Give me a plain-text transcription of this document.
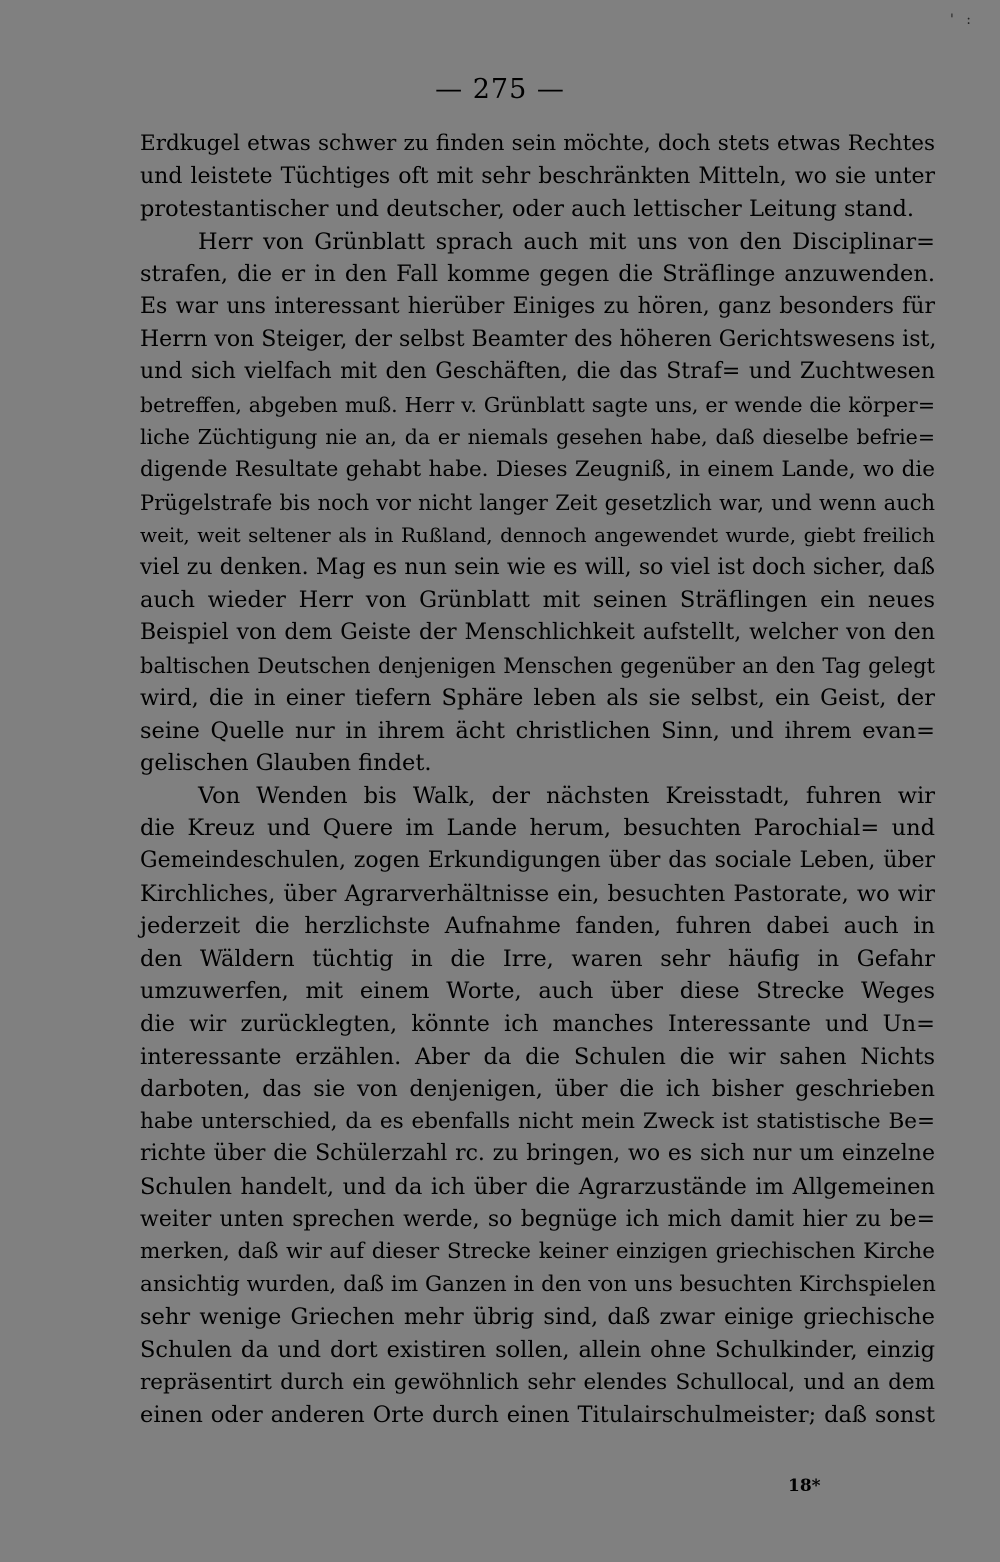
' :
— 275 —
Erdkugel etwas schwer zu finden sein möchte, doch stets etwas Rechtes
und leistete Tüchtiges oft mit sehr beschränkten Mitteln, wo sie unter
protestantischer und deutscher, oder auch lettischer Leitung stand.
Herr von Grünblatt sprach auch mit uns von den Disciplinar=
strafen, die er in den Fall komme gegen die Sträflinge anzuwenden.
Es war uns interessant hierüber Einiges zu hören, ganz besonders für
Herrn von Steiger, der selbst Beamter des höheren Gerichtswesens ist,
und sich vielfach mit den Geschäften, die das Straf= und Zuchtwesen
betreffen, abgeben muß. Herr v. Grünblatt sagte uns, er wende die körper=
liche Züchtigung nie an, da er niemals gesehen habe, daß dieselbe befrie=
digende Resultate gehabt habe. Dieses Zeugniß, in einem Lande, wo die
Prügelstrafe bis noch vor nicht langer Zeit gesetzlich war, und wenn auch
weit, weit seltener als in Rußland, dennoch angewendet wurde, giebt freilich
viel zu denken. Mag es nun sein wie es will, so viel ist doch sicher, daß
auch wieder Herr von Grünblatt mit seinen Sträflingen ein neues
Beispiel von dem Geiste der Menschlichkeit aufstellt, welcher von den
baltischen Deutschen denjenigen Menschen gegenüber an den Tag gelegt
wird, die in einer tiefern Sphäre leben als sie selbst, ein Geist, der
seine Quelle nur in ihrem ächt christlichen Sinn, und ihrem evan=
gelischen Glauben findet.
Von Wenden bis Walk, der nächsten Kreisstadt, fuhren wir
die Kreuz und Quere im Lande herum, besuchten Parochial= und
Gemeindeschulen, zogen Erkundigungen über das sociale Leben, über
Kirchliches, über Agrarverhältnisse ein, besuchten Pastorate, wo wir
jederzeit die herzlichste Aufnahme fanden, fuhren dabei auch in
den Wäldern tüchtig in die Irre, waren sehr häufig in Gefahr
umzuwerfen, mit einem Worte, auch über diese Strecke Weges
die wir zurücklegten, könnte ich manches Interessante und Un=
interessante erzählen. Aber da die Schulen die wir sahen Nichts
darboten, das sie von denjenigen, über die ich bisher geschrieben
habe unterschied, da es ebenfalls nicht mein Zweck ist statistische Be=
richte über die Schülerzahl rc. zu bringen, wo es sich nur um einzelne
Schulen handelt, und da ich über die Agrarzustände im Allgemeinen
weiter unten sprechen werde, so begnüge ich mich damit hier zu be=
merken, daß wir auf dieser Strecke keiner einzigen griechischen Kirche
ansichtig wurden, daß im Ganzen in den von uns besuchten Kirchspielen
sehr wenige Griechen mehr übrig sind, daß zwar einige griechische
Schulen da und dort existiren sollen, allein ohne Schulkinder, einzig
repräsentirt durch ein gewöhnlich sehr elendes Schullocal, und an dem
einen oder anderen Orte durch einen Titulairschulmeister; daß sonst
18*
